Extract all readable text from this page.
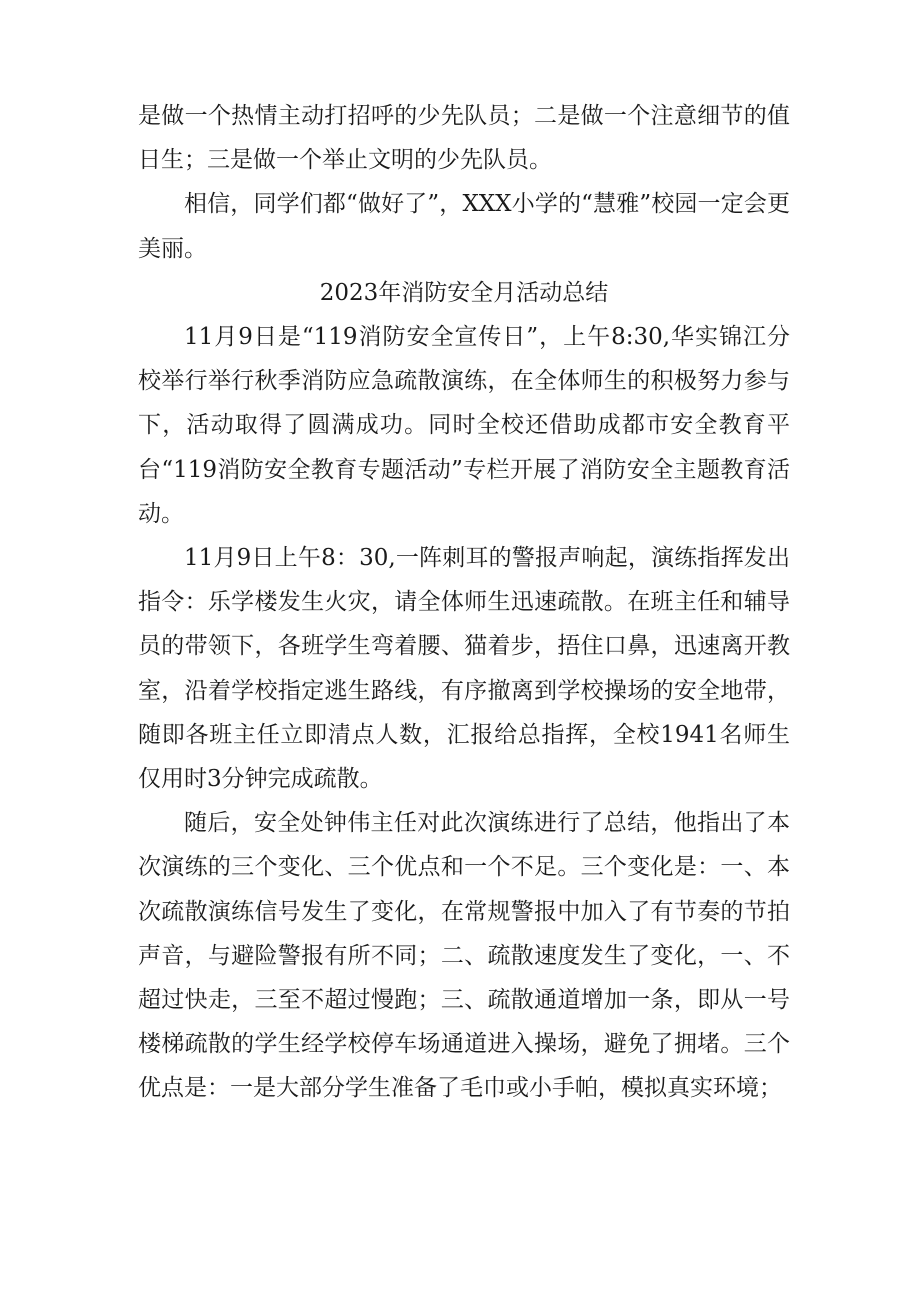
是做一个热情主动打招呼的少先队员；二是做一个注意细节的值日生；三是做一个举止文明的少先队员。

相信，同学们都“做好了”，XXX小学的“慧雅”校园一定会更美丽。

2023年消防安全月活动总结

11月9日是“119消防安全宣传日”，上午8:30,华实锦江分校举行举行秋季消防应急疏散演练，在全体师生的积极努力参与下，活动取得了圆满成功。同时全校还借助成都市安全教育平台“119消防安全教育专题活动”专栏开展了消防安全主题教育活动。

11月9日上午8：30,一阵刺耳的警报声响起，演练指挥发出指令：乐学楼发生火灾，请全体师生迅速疏散。在班主任和辅导员的带领下，各班学生弯着腰、猫着步，捂住口鼻，迅速离开教室，沿着学校指定逃生路线，有序撤离到学校操场的安全地带，随即各班主任立即清点人数，汇报给总指挥，全校1941名师生仅用时3分钟完成疏散。

随后，安全处钟伟主任对此次演练进行了总结，他指出了本次演练的三个变化、三个优点和一个不足。三个变化是：一、本次疏散演练信号发生了变化，在常规警报中加入了有节奏的节拍声音，与避险警报有所不同；二、疏散速度发生了变化，一、不超过快走，三至不超过慢跑；三、疏散通道增加一条，即从一号楼梯疏散的学生经学校停车场通道进入操场，避免了拥堵。三个优点是：一是大部分学生准备了毛巾或小手帕，模拟真实环境；
